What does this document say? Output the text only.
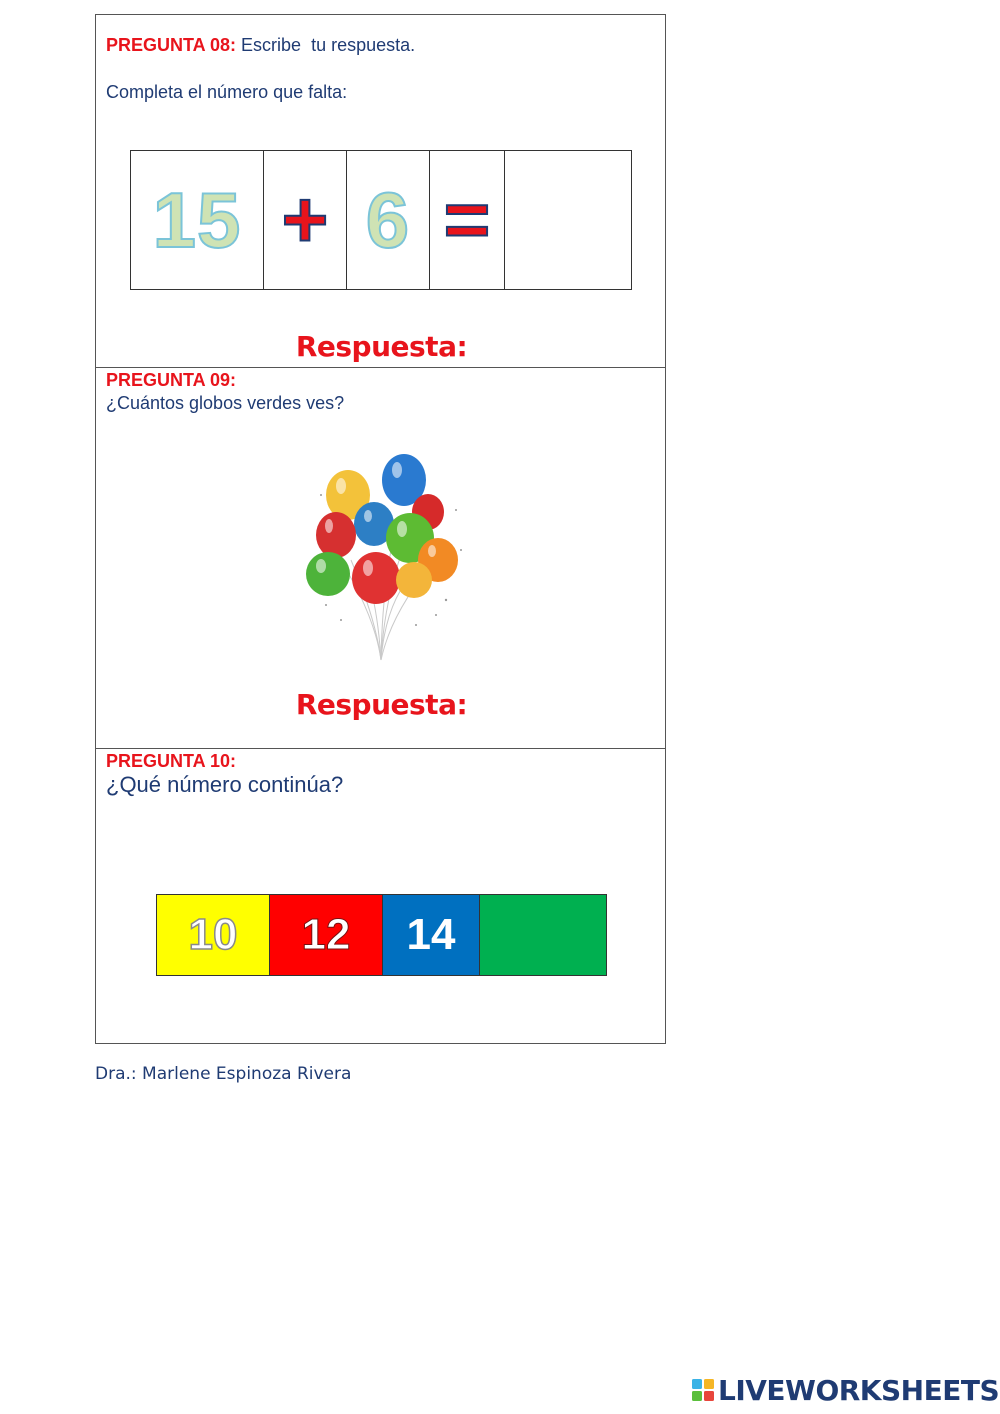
PREGUNTA 08: Escribe  tu respuesta.
Completa el número que falta:
15 + 6 =
Respuesta:
PREGUNTA 09:
¿Cuántos globos verdes ves?
Respuesta:
PREGUNTA 10:
¿Qué número continúa?
10 12 14
Dra.: Marlene Espinoza Rivera
LIVEWORKSHEETS
